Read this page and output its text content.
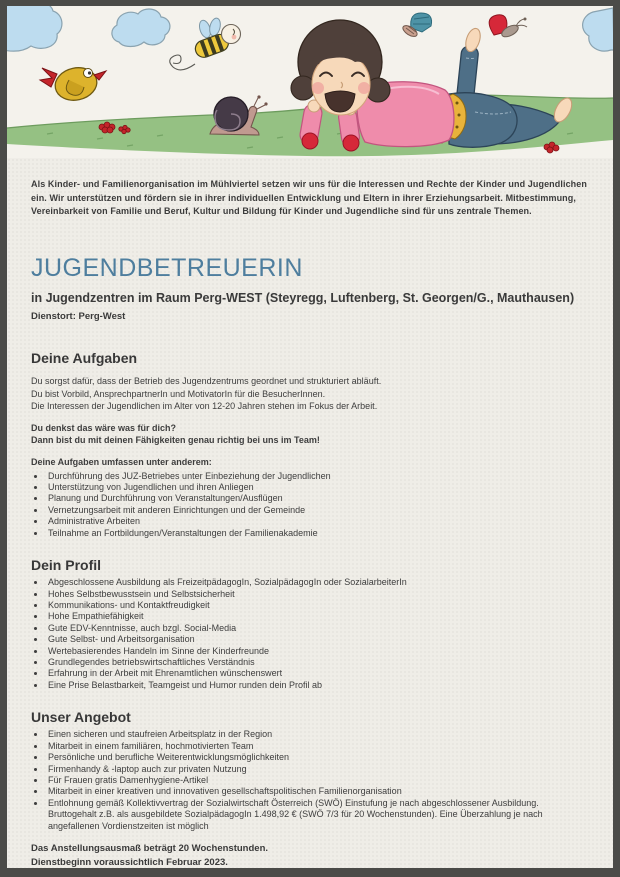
Als Kinder- und Familienorganisation im Mühlviertel setzen wir uns für die Interessen und Rechte der Kinder und Jugendlichen ein. Wir unterstützen und fördern sie in ihrer individuellen Entwicklung und Eltern in ihrer Erziehungsarbeit. Mitbestimmung, Vereinbarkeit von Familie und Beruf, Kultur und Bildung für Kinder und Jugendliche sind für uns zentrale Themen.

JUGENDBETREUERIN
in Jugendzentren im Raum Perg-WEST (Steyregg, Luftenberg, St. Georgen/G., Mauthausen)
Dienstort: Perg-West
Deine Aufgaben
Du sorgst dafür, dass der Betrieb des Jugendzentrums geordnet und strukturiert abläuft.
Du bist Vorbild, AnsprechpartnerIn und MotivatorIn für die BesucherInnen.
Die Interessen der Jugendlichen im Alter von 12-20 Jahren stehen im Fokus der Arbeit.
Du denkst das wäre was für dich?
Dann bist du mit deinen Fähigkeiten genau richtig bei uns im Team!
Deine Aufgaben umfassen unter anderem:
• Durchführung des JUZ-Betriebes unter Einbeziehung der Jugendlichen
• Unterstützung von Jugendlichen und ihren Anliegen
• Planung und Durchführung von Veranstaltungen/Ausflügen
• Vernetzungsarbeit mit anderen Einrichtungen und der Gemeinde
• Administrative Arbeiten
• Teilnahme an Fortbildungen/Veranstaltungen der Familienakademie
Dein Profil
• Abgeschlossene Ausbildung als FreizeitpädagogIn, SozialpädagogIn oder SozialarbeiterIn
• Hohes Selbstbewusstsein und Selbstsicherheit
• Kommunikations- und Kontaktfreudigkeit
• Hohe Empathiefähigkeit
• Gute EDV-Kenntnisse, auch bzgl. Social-Media
• Gute Selbst- und Arbeitsorganisation
• Wertebasierendes Handeln im Sinne der Kinderfreunde
• Grundlegendes betriebswirtschaftliches Verständnis
• Erfahrung in der Arbeit mit Ehrenamtlichen wünschenswert
• Eine Prise Belastbarkeit, Teamgeist und Humor runden dein Profil ab
Unser Angebot
• Einen sicheren und staufreien Arbeitsplatz in der Region
• Mitarbeit in einem familiären, hochmotivierten Team
• Persönliche und berufliche Weiterentwicklungsmöglichkeiten
• Firmenhandy & -laptop auch zur privaten Nutzung
• Für Frauen gratis Damenhygiene-Artikel
• Mitarbeit in einer kreativen und innovativen gesellschaftspolitischen Familienorganisation
• Entlohnung gemäß Kollektivvertrag der Sozialwirtschaft Österreich (SWÖ) Einstufung je nach abgeschlossener Ausbildung. Bruttogehalt z.B. als ausgebildete SozialpädagogIn 1.498,92 € (SWÖ 7/3 für 20 Wochenstunden). Eine Überzahlung je nach angefallenen Vordienstzeiten ist möglich
Das Anstellungsausmaß beträgt 20 Wochenstunden.
Dienstbeginn voraussichtlich Februar 2023.
